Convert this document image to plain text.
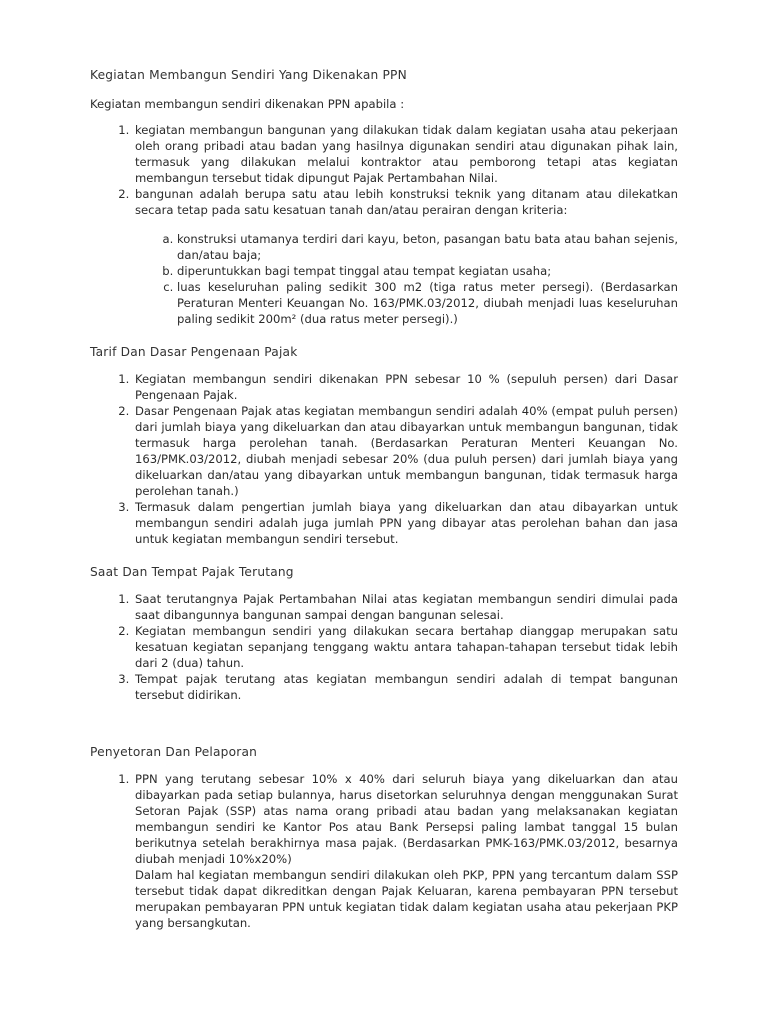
Kegiatan Membangun Sendiri Yang Dikenakan PPN

Kegiatan membangun sendiri dikenakan PPN apabila :

1. kegiatan membangun bangunan yang dilakukan tidak dalam kegiatan usaha atau pekerjaan oleh orang pribadi atau badan yang hasilnya digunakan sendiri atau digunakan pihak lain, termasuk yang dilakukan melalui kontraktor atau pemborong tetapi atas kegiatan membangun tersebut tidak dipungut Pajak Pertambahan Nilai.
2. bangunan adalah berupa satu atau lebih konstruksi teknik yang ditanam atau dilekatkan secara tetap pada satu kesatuan tanah dan/atau perairan dengan kriteria:
a. konstruksi utamanya terdiri dari kayu, beton, pasangan batu bata atau bahan sejenis, dan/atau baja;
b. diperuntukkan bagi tempat tinggal atau tempat kegiatan usaha;
c. luas keseluruhan paling sedikit 300 m2 (tiga ratus meter persegi). (Berdasarkan Peraturan Menteri Keuangan No. 163/PMK.03/2012, diubah menjadi luas keseluruhan paling sedikit 200m² (dua ratus meter persegi).)
Tarif Dan Dasar Pengenaan Pajak
1. Kegiatan membangun sendiri dikenakan PPN sebesar 10 % (sepuluh persen) dari Dasar Pengenaan Pajak.
2. Dasar Pengenaan Pajak atas kegiatan membangun sendiri adalah 40% (empat puluh persen) dari jumlah biaya yang dikeluarkan dan atau dibayarkan untuk membangun bangunan, tidak termasuk harga perolehan tanah. (Berdasarkan Peraturan Menteri Keuangan No. 163/PMK.03/2012, diubah menjadi sebesar 20% (dua puluh persen) dari jumlah biaya yang dikeluarkan dan/atau yang dibayarkan untuk membangun bangunan, tidak termasuk harga perolehan tanah.)
3. Termasuk dalam pengertian jumlah biaya yang dikeluarkan dan atau dibayarkan untuk membangun sendiri adalah juga jumlah PPN yang dibayar atas perolehan bahan dan jasa untuk kegiatan membangun sendiri tersebut.
Saat Dan Tempat Pajak Terutang
1. Saat terutangnya Pajak Pertambahan Nilai atas kegiatan membangun sendiri dimulai pada saat dibangunnya bangunan sampai dengan bangunan selesai.
2. Kegiatan membangun sendiri yang dilakukan secara bertahap dianggap merupakan satu kesatuan kegiatan sepanjang tenggang waktu antara tahapan-tahapan tersebut tidak lebih dari 2 (dua) tahun.
3. Tempat pajak terutang atas kegiatan membangun sendiri adalah di tempat bangunan tersebut didirikan.
Penyetoran Dan Pelaporan
1. PPN yang terutang sebesar 10% x 40% dari seluruh biaya yang dikeluarkan dan atau dibayarkan pada setiap bulannya, harus disetorkan seluruhnya dengan menggunakan Surat Setoran Pajak (SSP) atas nama orang pribadi atau badan yang melaksanakan kegiatan membangun sendiri ke Kantor Pos atau Bank Persepsi paling lambat tanggal 15 bulan berikutnya setelah berakhirnya masa pajak. (Berdasarkan PMK-163/PMK.03/2012, besarnya diubah menjadi 10%x20%)
Dalam hal kegiatan membangun sendiri dilakukan oleh PKP, PPN yang tercantum dalam SSP tersebut tidak dapat dikreditkan dengan Pajak Keluaran, karena pembayaran PPN tersebut merupakan pembayaran PPN untuk kegiatan tidak dalam kegiatan usaha atau pekerjaan PKP yang bersangkutan.
